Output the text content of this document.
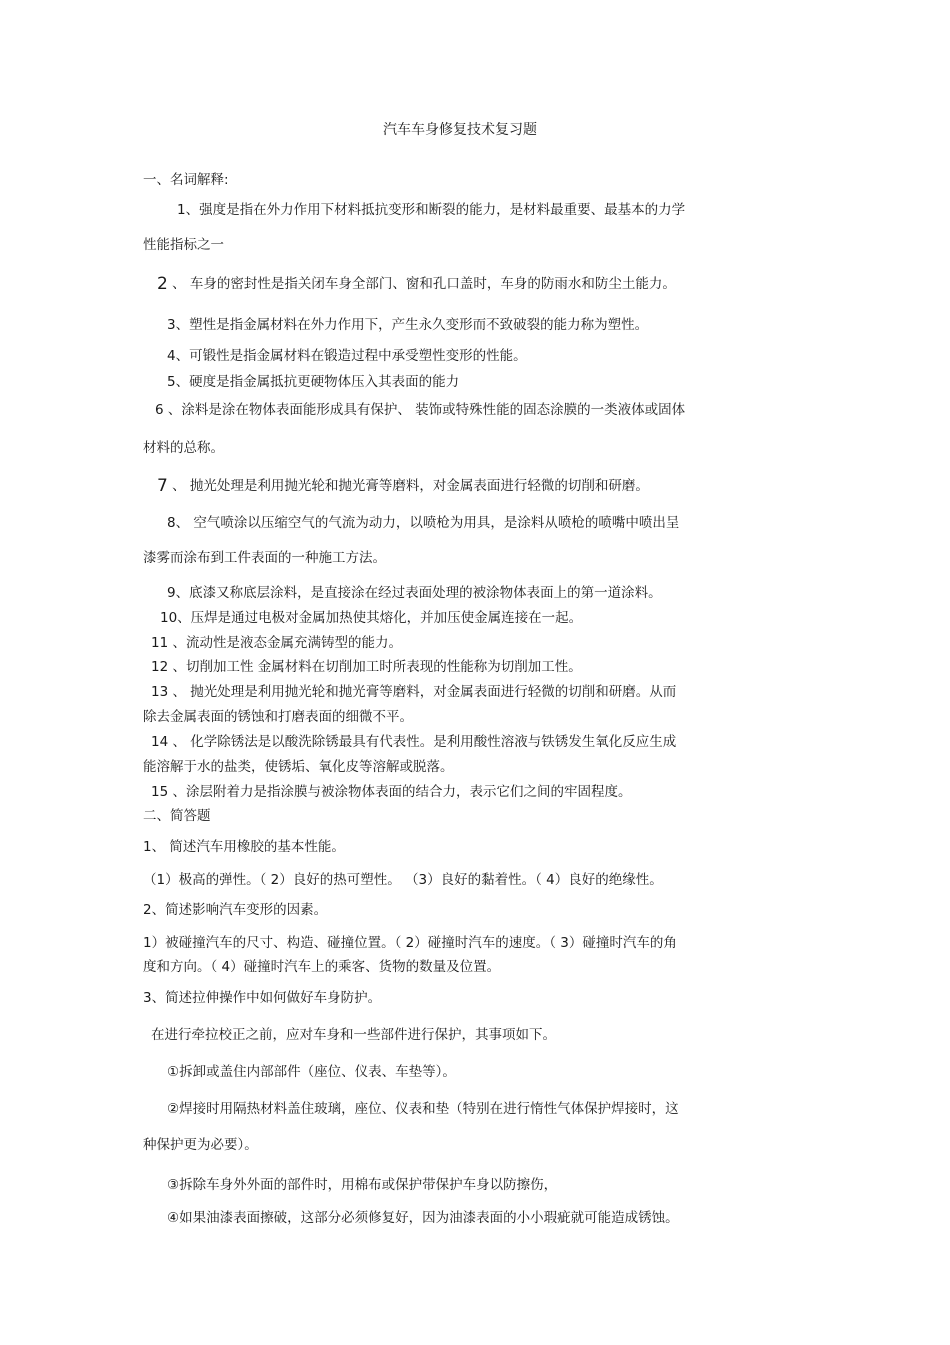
汽车车身修复技术复习题
一、名词解释:
1、强度是指在外力作用下材料抵抗变形和断裂的能力，是材料最重要、最基本的力学
性能指标之一
2 、 车身的密封性是指关闭车身全部门、窗和孔口盖时，车身的防雨水和防尘土能力。
3、塑性是指金属材料在外力作用下，产生永久变形而不致破裂的能力称为塑性。
4、可锻性是指金属材料在锻造过程中承受塑性变形的性能。
5、硬度是指金属抵抗更硬物体压入其表面的能力
6 、涂料是涂在物体表面能形成具有保护、 装饰或特殊性能的固态涂膜的一类液体或固体
材料的总称。
7 、 抛光处理是利用抛光轮和抛光膏等磨料，对金属表面进行轻微的切削和研磨。
8、 空气喷涂以压缩空气的气流为动力，以喷枪为用具，是涂料从喷枪的喷嘴中喷出呈
漆雾而涂布到工件表面的一种施工方法。
9、底漆又称底层涂料，是直接涂在经过表面处理的被涂物体表面上的第一道涂料。
10、压焊是通过电极对金属加热使其熔化，并加压使金属连接在一起。
11 、流动性是液态金属充满铸型的能力。
12 、切削加工性 金属材料在切削加工时所表现的性能称为切削加工性。
13 、 抛光处理是利用抛光轮和抛光膏等磨料，对金属表面进行轻微的切削和研磨。从而
除去金属表面的锈蚀和打磨表面的细微不平。
14 、 化学除锈法是以酸洗除锈最具有代表性。是利用酸性溶液与铁锈发生氧化反应生成
能溶解于水的盐类，使锈垢、氧化皮等溶解或脱落。
15 、涂层附着力是指涂膜与被涂物体表面的结合力，表示它们之间的牢固程度。
二、简答题
1、 简述汽车用橡胶的基本性能。
（1）极高的弹性。（ 2）良好的热可塑性。 （3）良好的黏着性。（ 4）良好的绝缘性。
2、简述影响汽车变形的因素。
1）被碰撞汽车的尺寸、构造、碰撞位置。（ 2）碰撞时汽车的速度。（ 3）碰撞时汽车的角
度和方向。（ 4）碰撞时汽车上的乘客、货物的数量及位置。
3、简述拉伸操作中如何做好车身防护。
在进行牵拉校正之前，应对车身和一些部件进行保护，其事项如下。
①拆卸或盖住内部部件（座位、仪表、车垫等）。
②焊接时用隔热材料盖住玻璃，座位、仪表和垫（特别在进行惰性气体保护焊接时，这
种保护更为必要）。
③拆除车身外外面的部件时，用棉布或保护带保护车身以防擦伤，
④如果油漆表面擦破，这部分必须修复好，因为油漆表面的小小瑕疵就可能造成锈蚀。
